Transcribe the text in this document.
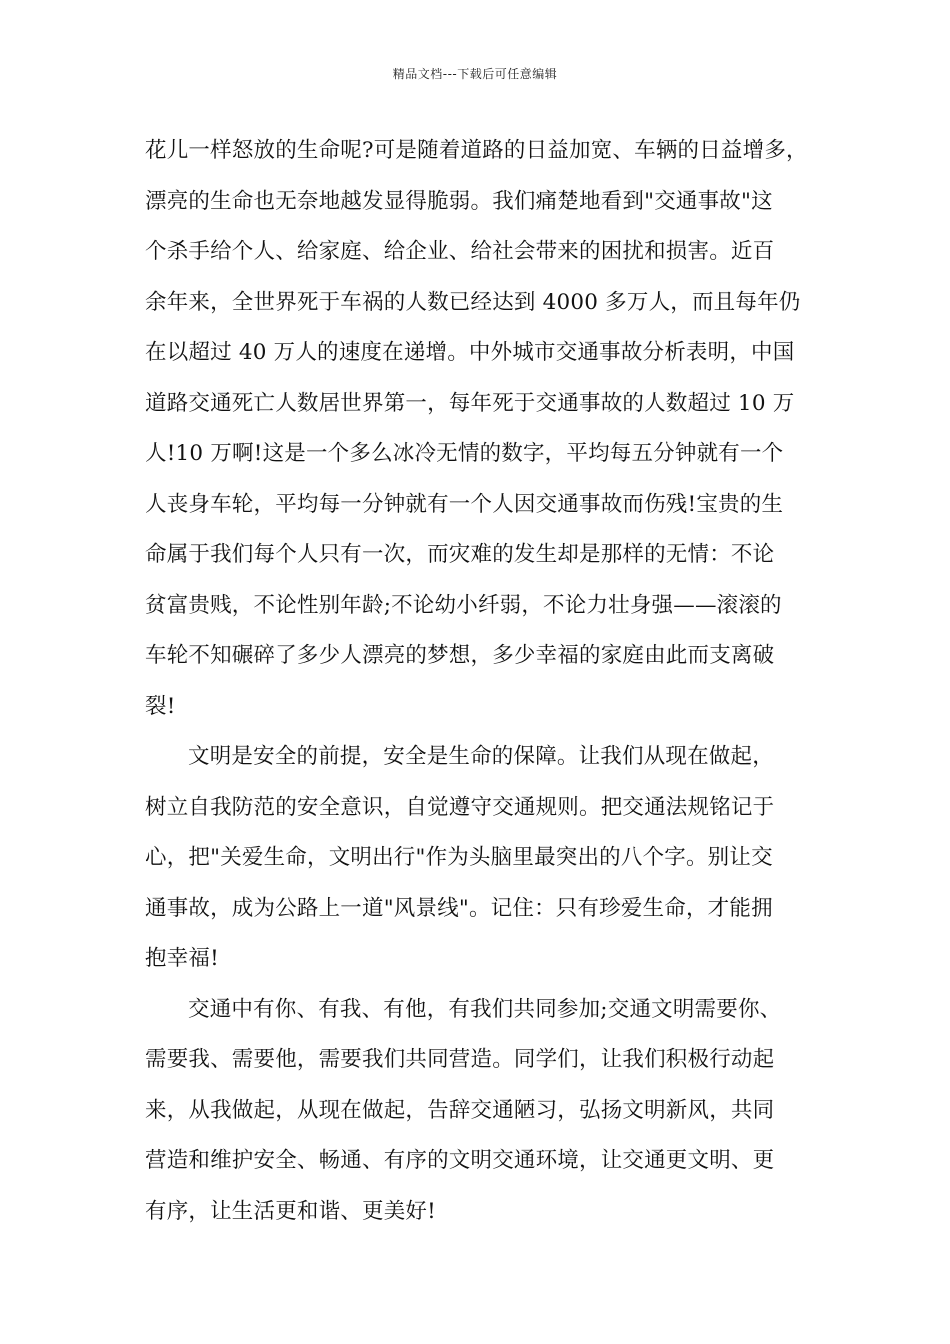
精品文档---下载后可任意编辑
花儿一样怒放的生命呢?可是随着道路的日益加宽、车辆的日益增多，
漂亮的生命也无奈地越发显得脆弱。我们痛楚地看到"交通事故"这
个杀手给个人、给家庭、给企业、给社会带来的困扰和损害。近百
余年来，全世界死于车祸的人数已经达到 4000 多万人，而且每年仍
在以超过 40 万人的速度在递增。中外城市交通事故分析表明，中国
道路交通死亡人数居世界第一，每年死于交通事故的人数超过 10 万
人!10 万啊!这是一个多么冰冷无情的数字，平均每五分钟就有一个
人丧身车轮，平均每一分钟就有一个人因交通事故而伤残!宝贵的生
命属于我们每个人只有一次，而灾难的发生却是那样的无情：不论
贫富贵贱，不论性别年龄;不论幼小纤弱，不论力壮身强——滚滚的
车轮不知碾碎了多少人漂亮的梦想，多少幸福的家庭由此而支离破
裂!
文明是安全的前提，安全是生命的保障。让我们从现在做起，
树立自我防范的安全意识，自觉遵守交通规则。把交通法规铭记于
心，把"关爱生命，文明出行"作为头脑里最突出的八个字。别让交
通事故，成为公路上一道"风景线"。记住：只有珍爱生命，才能拥
抱幸福!
交通中有你、有我、有他，有我们共同参加;交通文明需要你、
需要我、需要他，需要我们共同营造。同学们，让我们积极行动起
来，从我做起，从现在做起，告辞交通陋习，弘扬文明新风，共同
营造和维护安全、畅通、有序的文明交通环境，让交通更文明、更
有序，让生活更和谐、更美好!
